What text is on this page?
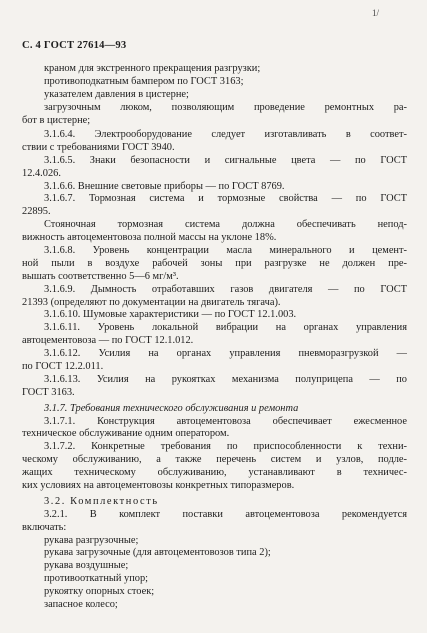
1/
С. 4 ГОСТ 27614—93
краном для экстренного прекращения разгрузки;
противоподкатным бампером по ГОСТ 3163;
указателем давления в цистерне;
загрузочным люком, позволяющим проведение ремонтных ра-
бот в цистерне;
3.1.6.4. Электрооборудование следует изготавливать в соответ-
ствии с требованиями ГОСТ 3940.
3.1.6.5. Знаки безопасности и сигнальные цвета — по ГОСТ
12.4.026.
3.1.6.6. Внешние световые приборы — по ГОСТ 8769.
3.1.6.7. Тормозная система и тормозные свойства — по ГОСТ
22895.
Стояночная тормозная система должна обеспечивать непод-
вижность автоцементовоза полной массы на уклоне 18%.
3.1.6.8. Уровень концентрации масла минерального и цемент-
ной пыли в воздухе рабочей зоны при разгрузке не должен пре-
вышать соответственно 5—6 мг/м³.
3.1.6.9. Дымность отработавших газов двигателя — по ГОСТ
21393 (определяют по документации на двигатель тягача).
3.1.6.10. Шумовые характеристики — по ГОСТ 12.1.003.
3.1.6.11. Уровень локальной вибрации на органах управления
автоцементовоза — по ГОСТ 12.1.012.
3.1.6.12. Усилия на органах управления пневморазгрузкой —
по ГОСТ 12.2.011.
3.1.6.13. Усилия на рукоятках механизма полуприцепа — по
ГОСТ 3163.
3.1.7. Требования технического обслуживания и ремонта
3.1.7.1. Конструкция автоцементовоза обеспечивает ежесменное
техническое обслуживание одним оператором.
3.1.7.2. Конкретные требования по приспособленности к техни-
ческому обслуживанию, а также перечень систем и узлов, подле-
жащих техническому обслуживанию, устанавливают в техничес-
ких условиях на автоцементовозы конкретных типоразмеров.
3.2. Комплектность
3.2.1. В комплект поставки автоцементовоза рекомендуется
включать:
рукава разгрузочные;
рукава загрузочные (для автоцементовозов типа 2);
рукава воздушные;
противооткатный упор;
рукоятку опорных стоек;
запасное колесо;
